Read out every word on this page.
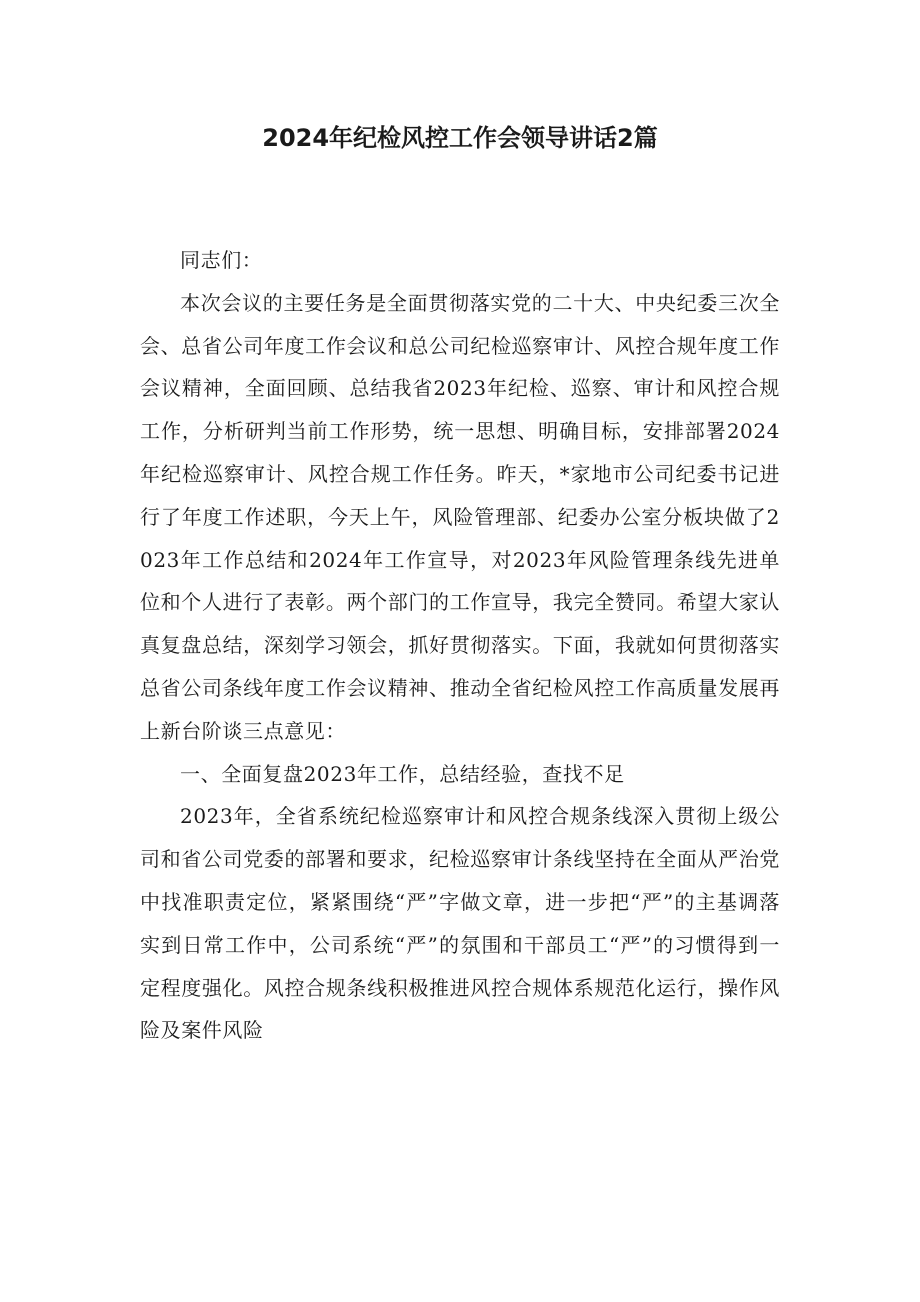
2024年纪检风控工作会领导讲话2篇

同志们：

本次会议的主要任务是全面贯彻落实党的二十大、中央纪委三次全会、总省公司年度工作会议和总公司纪检巡察审计、风控合规年度工作会议精神，全面回顾、总结我省2023年纪检、巡察、审计和风控合规工作，分析研判当前工作形势，统一思想、明确目标，安排部署2024年纪检巡察审计、风控合规工作任务。昨天，*家地市公司纪委书记进行了年度工作述职，今天上午，风险管理部、纪委办公室分板块做了2023年工作总结和2024年工作宣导，对2023年风险管理条线先进单位和个人进行了表彰。两个部门的工作宣导，我完全赞同。希望大家认真复盘总结，深刻学习领会，抓好贯彻落实。下面，我就如何贯彻落实总省公司条线年度工作会议精神、推动全省纪检风控工作高质量发展再上新台阶谈三点意见：

一、全面复盘2023年工作，总结经验，查找不足

2023年，全省系统纪检巡察审计和风控合规条线深入贯彻上级公司和省公司党委的部署和要求，纪检巡察审计条线坚持在全面从严治党中找准职责定位，紧紧围绕“严”字做文章，进一步把“严”的主基调落实到日常工作中，公司系统“严”的氛围和干部员工“严”的习惯得到一定程度强化。风控合规条线积极推进风控合规体系规范化运行，操作风险及案件风险
